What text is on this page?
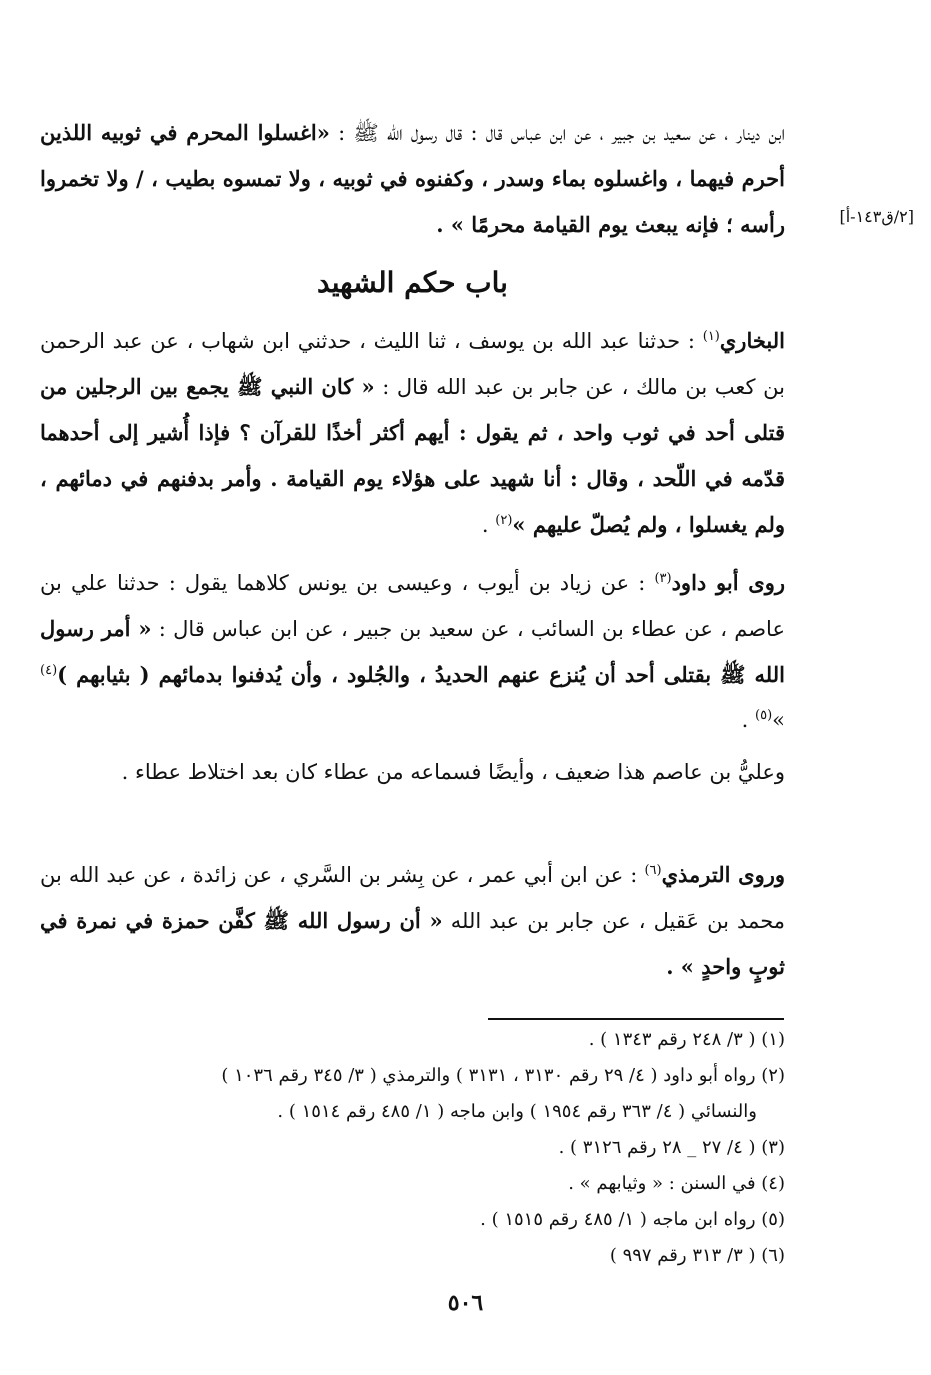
[٢/ق١٤٣-أ]

ابن دينار ، عن سعيد بن جبير ، عن ابن عباس قال : قال رسول الله ﷺ : «اغسلوا المحرم في ثوبيه اللذين أحرم فيهما ، واغسلوه بماء وسدر ، وكفنوه في ثوبيه ، ولا تمسوه بطيب ، / ولا تخمروا رأسه ؛ فإنه يبعث يوم القيامة محرمًا » .

باب حكم الشهيد

البخاري$^{(١)}$ : حدثنا عبد الله بن يوسف ، ثنا الليث ، حدثني ابن شهاب ، عن عبد الرحمن بن كعب بن مالك ، عن جابر بن عبد الله قال : « كان النبي ﷺ يجمع بين الرجلين من قتلى أحد في ثوب واحد ، ثم يقول : أيهم أكثر أخذًا للقرآن ؟ فإذا أُشير إلى أحدهما قدّمه في اللّحد ، وقال : أنا شهيد على هؤلاء يوم القيامة . وأمر بدفنهم في دمائهم ، ولم يغسلوا ، ولم يُصلّ عليهم »$^{(٢)}$ .

روى أبو داود$^{(٣)}$ : عن زياد بن أيوب ، وعيسى بن يونس كلاهما يقول : حدثنا علي بن عاصم ، عن عطاء بن السائب ، عن سعيد بن جبير ، عن ابن عباس قال : « أمر رسول الله ﷺ بقتلى أحد أن يُنزع عنهم الحديدُ ، والجُلود ، وأن يُدفنوا بدمائهم ( بثيابهم )$^{(٤)}$ »$^{(٥)}$ .

وعليُّ بن عاصم هذا ضعيف ، وأيضًا فسماعه من عطاء كان بعد اختلاط عطاء .

وروى الترمذي$^{(٦)}$ : عن ابن أبي عمر ، عن بِشر بن السَّري ، عن زائدة ، عن عبد الله بن محمد بن عَقيل ، عن جابر بن عبد الله « أن رسول الله ﷺ كفَّن حمزة في نمرة في ثوبٍ واحدٍ » .

(١) ( ٣/ ٢٤٨ رقم ١٣٤٣ ) .

(٢) رواه أبو داود ( ٤/ ٢٩ رقم ٣١٣٠ ، ٣١٣١ ) والترمذي ( ٣/ ٣٤٥ رقم ١٠٣٦ )

والنسائي ( ٤/ ٣٦٣ رقم ١٩٥٤ ) وابن ماجه ( ١/ ٤٨٥ رقم ١٥١٤ ) .

(٣) ( ٤/ ٢٧ _ ٢٨ رقم ٣١٢٦ ) .

(٤) في السنن : « وثيابهم » .

(٥) رواه ابن ماجه ( ١/ ٤٨٥ رقم ١٥١٥ ) .

(٦) ( ٣/ ٣١٣ رقم ٩٩٧ )

٥٠٦
